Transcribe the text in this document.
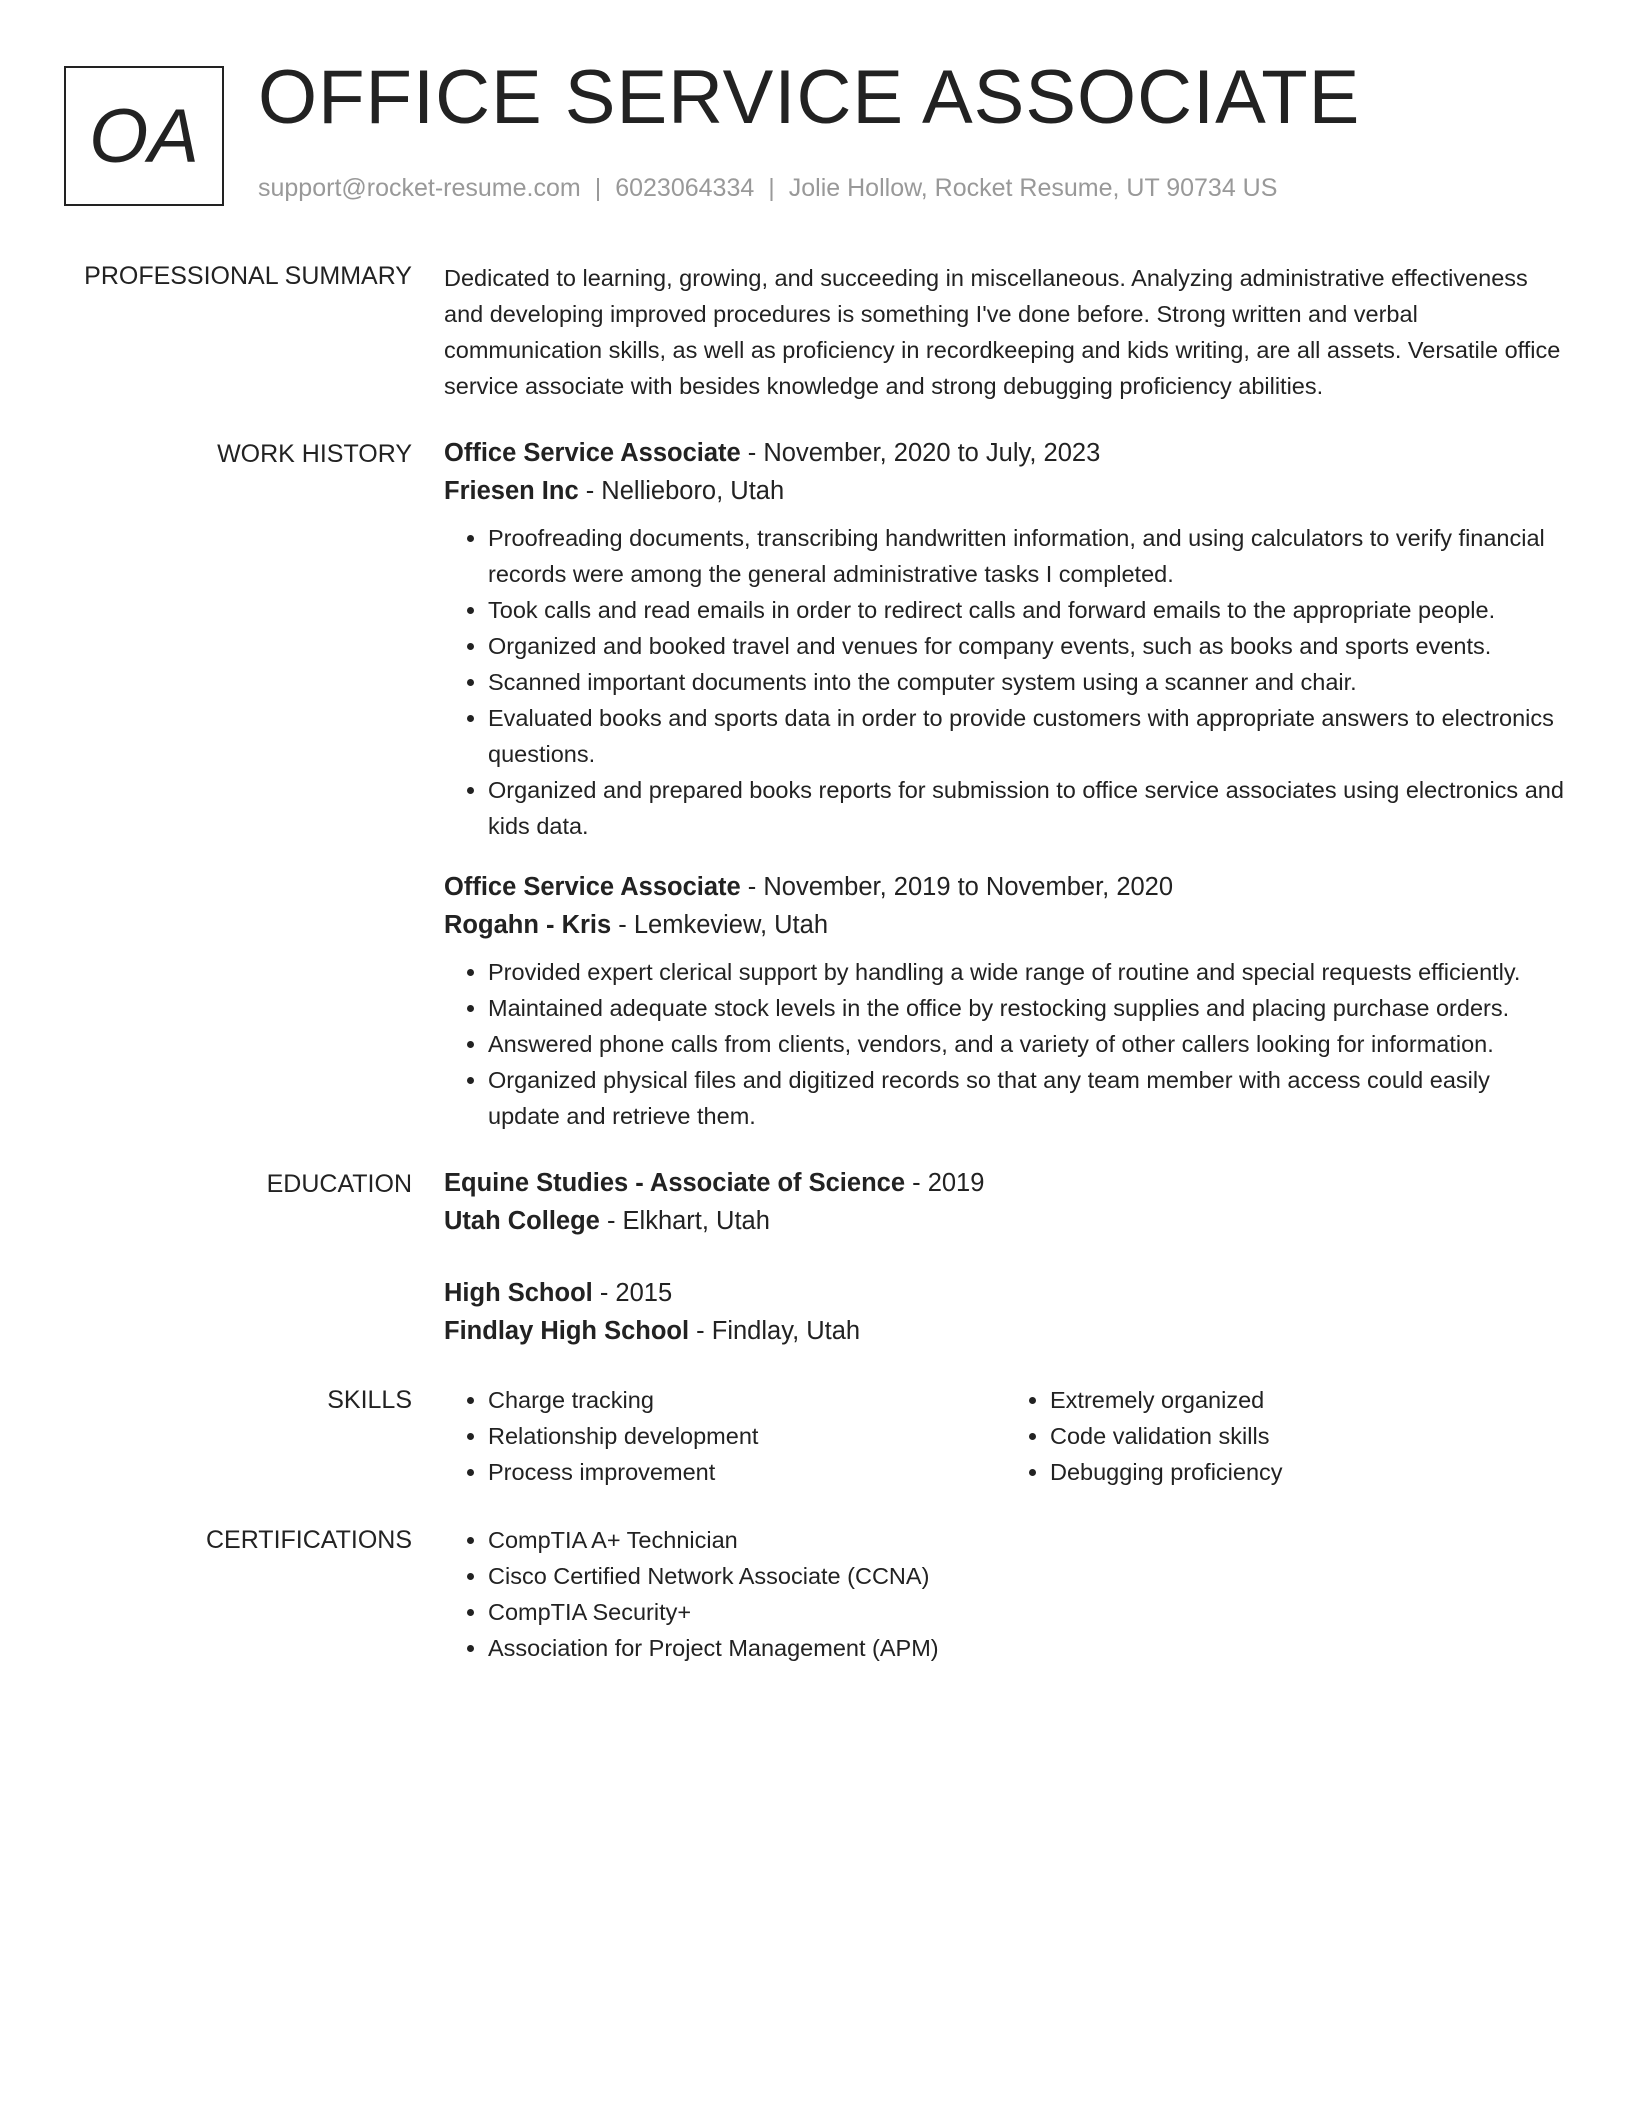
OA OFFICE SERVICE ASSOCIATE
support@rocket-resume.com | 6023064334 | Jolie Hollow, Rocket Resume, UT 90734 US
PROFESSIONAL SUMMARY Dedicated to learning, growing, and succeeding in miscellaneous. Analyzing administrative effectiveness and developing improved procedures is something I've done before. Strong written and verbal communication skills, as well as proficiency in recordkeeping and kids writing, are all assets. Versatile office service associate with besides knowledge and strong debugging proficiency abilities.

WORK HISTORY Office Service Associate - November, 2020 to July, 2023
Friesen Inc - Nellieboro, Utah
• Proofreading documents, transcribing handwritten information, and using calculators to verify financial records were among the general administrative tasks I completed.
• Took calls and read emails in order to redirect calls and forward emails to the appropriate people.
• Organized and booked travel and venues for company events, such as books and sports events.
• Scanned important documents into the computer system using a scanner and chair.
• Evaluated books and sports data in order to provide customers with appropriate answers to electronics questions.
• Organized and prepared books reports for submission to office service associates using electronics and kids data.
Office Service Associate - November, 2019 to November, 2020
Rogahn - Kris - Lemkeview, Utah
• Provided expert clerical support by handling a wide range of routine and special requests efficiently.
• Maintained adequate stock levels in the office by restocking supplies and placing purchase orders.
• Answered phone calls from clients, vendors, and a variety of other callers looking for information.
• Organized physical files and digitized records so that any team member with access could easily update and retrieve them.
EDUCATION Equine Studies - Associate of Science - 2019
Utah College - Elkhart, Utah
High School - 2015
Findlay High School - Findlay, Utah
SKILLS	• Charge tracking
• Relationship development
• Process improvement
• Extremely organized
• Code validation skills
• Debugging proficiency
CERTIFICATIONS	• CompTIA A+ Technician
• Cisco Certified Network Associate (CCNA)
• CompTIA Security+
• Association for Project Management (APM)
